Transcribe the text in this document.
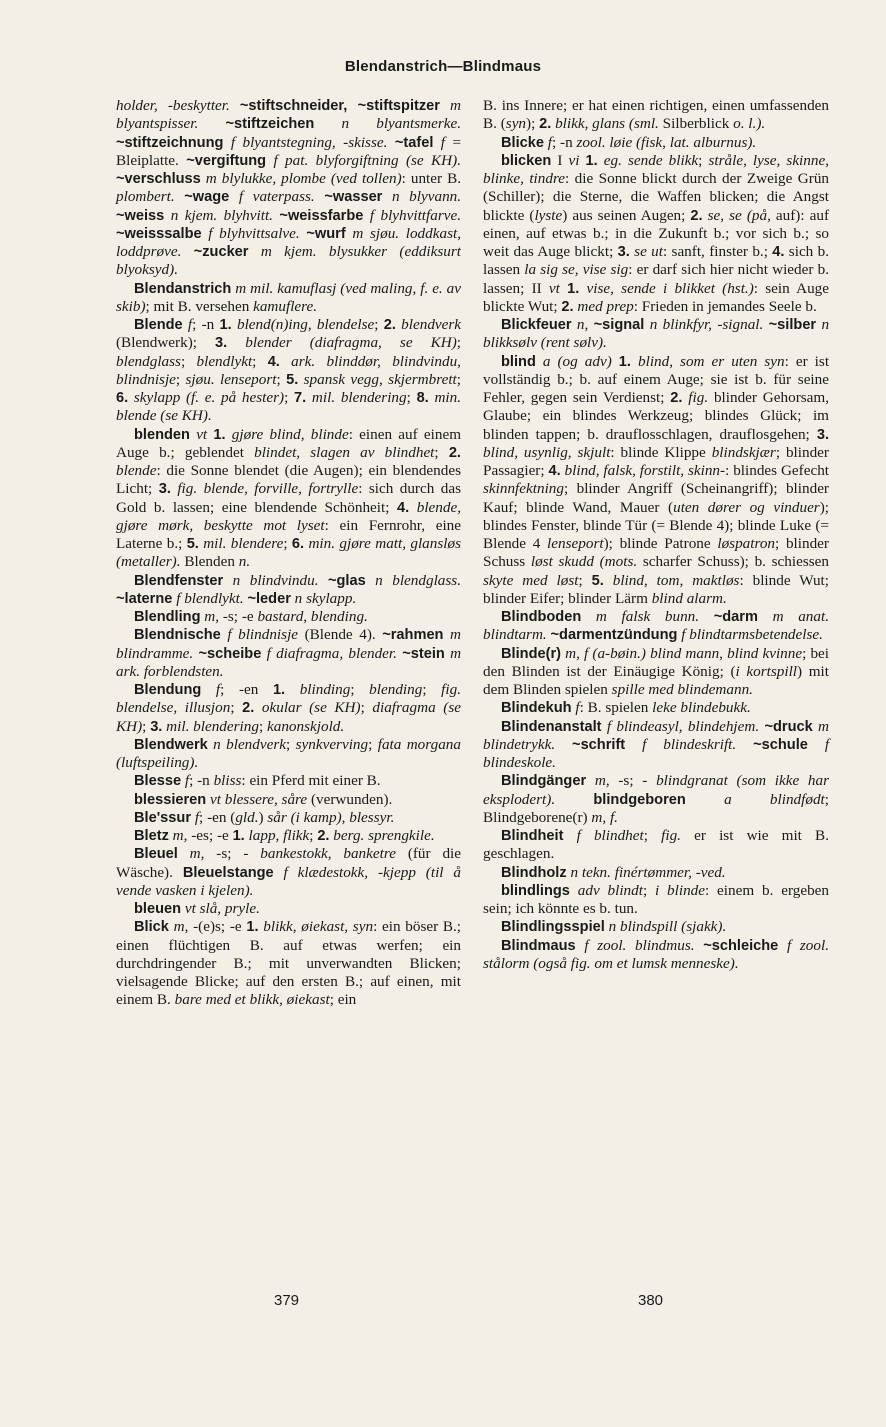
Blendanstrich—Blindmaus

holder, -beskytter. ~stiftschneider, ~stiftspitzer m blyantspisser. ~stiftzeichen n blyantsmerke. ~stiftzeichnung f blyantstegning, -skisse. ~tafel f = Bleiplatte. ~vergiftung f pat. blyforgiftning (se KH). ~verschluss m blylukke, plombe (ved tollen): unter B. plombert. ~wage f vaterpass. ~wasser n blyvann. ~weiss n kjem. blyhvitt. ~weissfarbe f blyhvittfarve. ~weisssalbe f blyhvittsalve. ~wurf m sjøu. loddkast, loddprøve. ~zucker m kjem. blysukker (eddiksurt blyoksyd).

Blendanstrich m mil. kamuflasj (ved maling, f. e. av skib); mit B. versehen kamuflere.

Blende f; -n 1. blend(n)ing, blendelse; 2. blendverk (Blendwerk); 3. blender (diafragma, se KH); blendglass; blendlykt; 4. ark. blinddør, blindvindu, blindnisje; sjøu. lenseport; 5. spansk vegg, skjermbrett; 6. skylapp (f. e. på hester); 7. mil. blendering; 8. min. blende (se KH).

blenden vt 1. gjøre blind, blinde: einen auf einem Auge b.; geblendet blindet, slagen av blindhet; 2. blende: die Sonne blendet (die Augen); ein blendendes Licht; 3. fig. blende, forville, fortrylle: sich durch das Gold b. lassen; eine blendende Schönheit; 4. blende, gjøre mørk, beskytte mot lyset: ein Fernrohr, eine Laterne b.; 5. mil. blendere; 6. min. gjøre matt, glansløs (metaller). Blenden n.

Blendfenster n blindvindu. ~glas n blendglass. ~laterne f blendlykt. ~leder n skylapp.

Blendling m, -s; -e bastard, blending.

Blendnische f blindnisje (Blende 4). ~rahmen m blindramme. ~scheibe f diafragma, blender. ~stein m ark. forblendsten.

Blendung f; -en 1. blinding; blending; fig. blendelse, illusjon; 2. okular (se KH); diafragma (se KH); 3. mil. blendering; kanonskjold.

Blendwerk n blendverk; synkverving; fata morgana (luftspeiling).

Blesse f; -n bliss: ein Pferd mit einer B.

blessieren vt blessere, såre (verwunden).

Ble'ssur f; -en (gld.) sår (i kamp), blessyr.

Bletz m, -es; -e 1. lapp, flikk; 2. berg. sprengkile.

Bleuel m, -s; - bankestokk, banketre (für die Wäsche). Bleuelstange f klædestokk, -kjepp (til å vende vasken i kjelen).

bleuen vt slå, pryle.

Blick m, -(e)s; -e 1. blikk, øiekast, syn: ein böser B.; einen flüchtigen B. auf etwas werfen; ein durchdringender B.; mit unverwandten Blicken; vielsagende Blicke; auf den ersten B.; auf einen, mit einem B. bare med et blikk, øiekast; ein

B. ins Innere; er hat einen richtigen, einen umfassenden B. (syn); 2. blikk, glans (sml. Silberblick o. l.).

Blicke f; -n zool. løie (fisk, lat. alburnus).

blicken I vi 1. eg. sende blikk; stråle, lyse, skinne, blinke, tindre: die Sonne blickt durch der Zweige Grün (Schiller); die Sterne, die Waffen blicken; die Angst blickte (lyste) aus seinen Augen; 2. se, se (på, auf): auf einen, auf etwas b.; in die Zukunft b.; vor sich b.; so weit das Auge blickt; 3. se ut: sanft, finster b.; 4. sich b. lassen la sig se, vise sig: er darf sich hier nicht wieder b. lassen; II vt 1. vise, sende i blikket (hst.): sein Auge blickte Wut; 2. med prep: Frieden in jemandes Seele b.

Blickfeuer n, ~signal n blinkfyr, -signal. ~silber n blikksølv (rent sølv).

blind a (og adv) 1. blind, som er uten syn: er ist vollständig b.; b. auf einem Auge; sie ist b. für seine Fehler, gegen sein Verdienst; 2. fig. blinder Gehorsam, Glaube; ein blindes Werkzeug; blindes Glück; im blinden tappen; b. drauflosschlagen, drauflosgehen; 3. blind, usynlig, skjult: blinde Klippe blindskjær; blinder Passagier; 4. blind, falsk, forstilt, skinn-: blindes Gefecht skinnfektning; blinder Angriff (Scheinangriff); blinder Kauf; blinde Wand, Mauer (uten dører og vinduer); blindes Fenster, blinde Tür (= Blende 4); blinde Luke (= Blende 4 lenseport); blinde Patrone løspatron; blinder Schuss løst skudd (mots. scharfer Schuss); b. schiessen skyte med løst; 5. blind, tom, maktløs: blinde Wut; blinder Eifer; blinder Lärm blind alarm.

Blindboden m falsk bunn. ~darm m anat. blindtarm. ~darmentzündung f blindtarmsbetendelse.

Blinde(r) m, f (a-bøin.) blind mann, blind kvinne; bei den Blinden ist der Einäugige König; (i kortspill) mit dem Blinden spielen spille med blindemann.

Blindekuh f: B. spielen leke blindebukk.

Blindenanstalt f blindeasyl, blindehjem. ~druck m blindetrykk. ~schrift f blindeskrift. ~schule f blindeskole.

Blindgänger m, -s; - blindgranat (som ikke har eksplodert).	blindgeboren	a blindfødt; Blindgeborene(r) m, f.

Blindheit f blindhet; fig. er ist wie mit B. geschlagen.

Blindholz n tekn. finértømmer, -ved.

blindlings adv blindt; i blinde: einem b. ergeben sein; ich könnte es b. tun.

Blindlingsspiel n blindspill (sjakk).

Blindmaus f zool. blindmus. ~schleiche f zool. stålorm (også fig. om et lumsk menneske).

379	380
